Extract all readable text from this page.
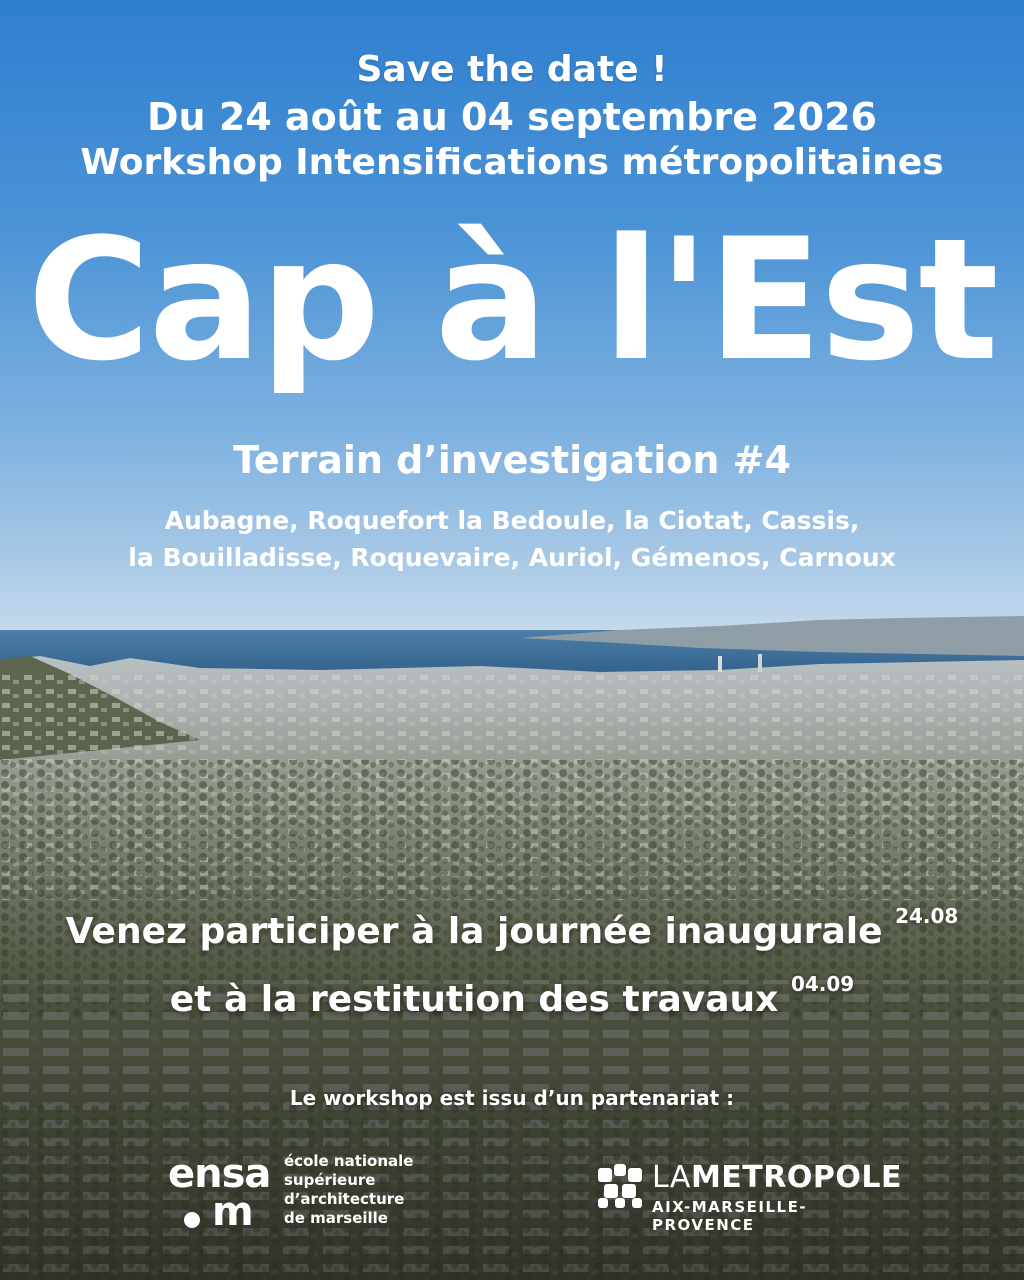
Save the date !

Du 24 août au 04 septembre 2026

Workshop Intensifications métropolitaines

Cap à l'Est

Terrain d’investigation #4

Aubagne, Roquefort la Bedoule, la Ciotat, Cassis,
la Bouilladisse, Roquevaire, Auriol, Gémenos, Carnoux
Venez participer à la journée inaugurale $^{24.08}$
et à la restitution des travaux $^{04.09}$

Le workshop est issu d’un partenariat :

ensa
m
école nationale
supérieure
d’architecture
de marseille
LAMETROPOLE
AIX-MARSEILLE-PROVENCE
